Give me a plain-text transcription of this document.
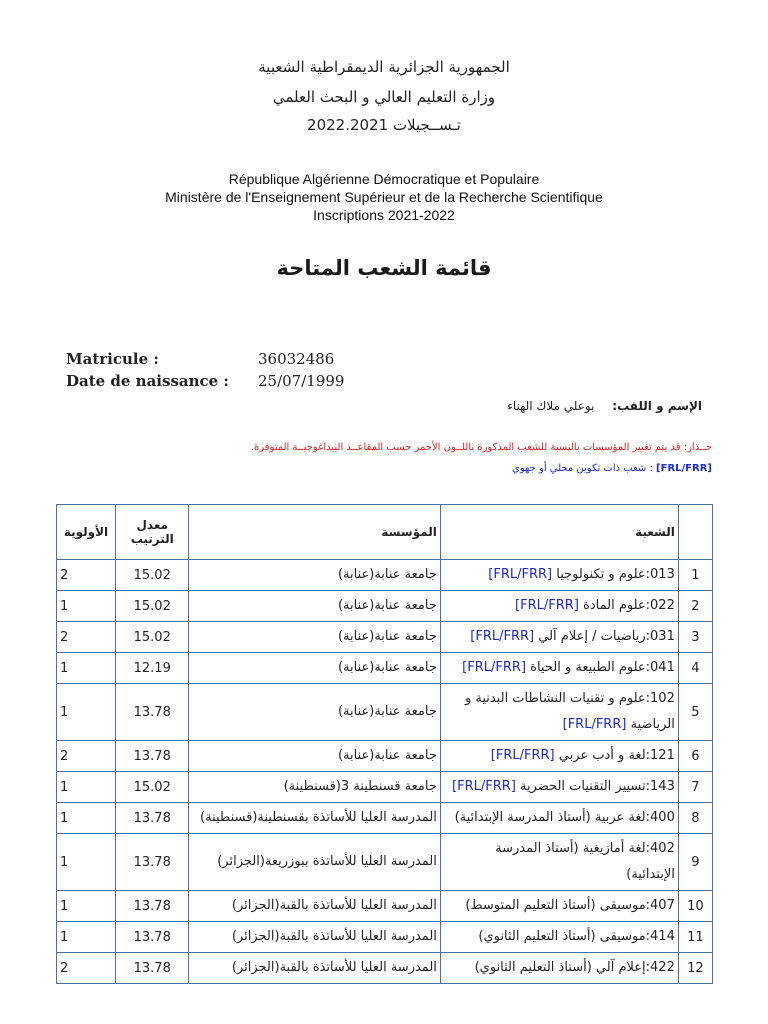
الجمهورية الجزائرية الديمقراطية الشعبية
وزارة التعليم العالي و البحث العلمي
تـســجيلات 2022.2021
République Algérienne Démocratique et Populaire
Ministère de l'Enseignement Supérieur et de la Recherche Scientifique
Inscriptions 2021-2022
قائمة الشعب المتاحة
Matricule :	36032486
Date de naissance : 25/07/1999
الإسم و اللقب: بوعلي ملاك الهناء
حــذار: قد يتم تغيير المؤسسات بالنسبة للشعب المذكورة باللــون الأحمر حسب المقاعــد البيداغوجيــة المتوفرة.
[FRL/FRR] : شعب ذات تكوين محلي أو جهوي
	الشعبة	المؤسسة	معدل الترتيب	الأولوية
1	013:علوم و تكنولوجيا [FRL/FRR]	جامعة عنابة(عنابة)	15.02	2
2	022:علوم المادة [FRL/FRR]	جامعة عنابة(عنابة)	15.02	1
3	031:رياضيات / إعلام آلي [FRL/FRR]	جامعة عنابة(عنابة)	15.02	2
4	041:علوم الطبيعة و الحياة [FRL/FRR]	جامعة عنابة(عنابة)	12.19	1
5	102:علوم و تقنيات النشاطات البدنية و الرياضية [FRL/FRR]	جامعة عنابة(عنابة)	13.78	1
6	121:لغة و أدب عربي [FRL/FRR]	جامعة عنابة(عنابة)	13.78	2
7	143:تسيير التقنيات الحضرية [FRL/FRR]	جامعة قسنطينة 3(قسنطينة)	15.02	1
8	400:لغة عربية (أستاذ المدرسة الإبتدائية)	المدرسة العليا للأساتذة بقسنطينة(قسنطينة)	13.78	1
9	402:لغة أمازيغية (أستاذ المدرسة الإبتدائية)	المدرسة العليا للأساتذة ببوزريعة(الجزائر)	13.78	1
10	407:موسيقى (أستاذ التعليم المتوسط)	المدرسة العليا للأساتذة بالقبة(الجزائر)	13.78	1
11	414:موسيقى (أستاذ التعليم الثانوي)	المدرسة العليا للأساتذة بالقبة(الجزائر)	13.78	1
12	422:إعلام آلي (أستاذ التعليم الثانوي)	المدرسة العليا للأساتذة بالقبة(الجزائر)	13.78	2
